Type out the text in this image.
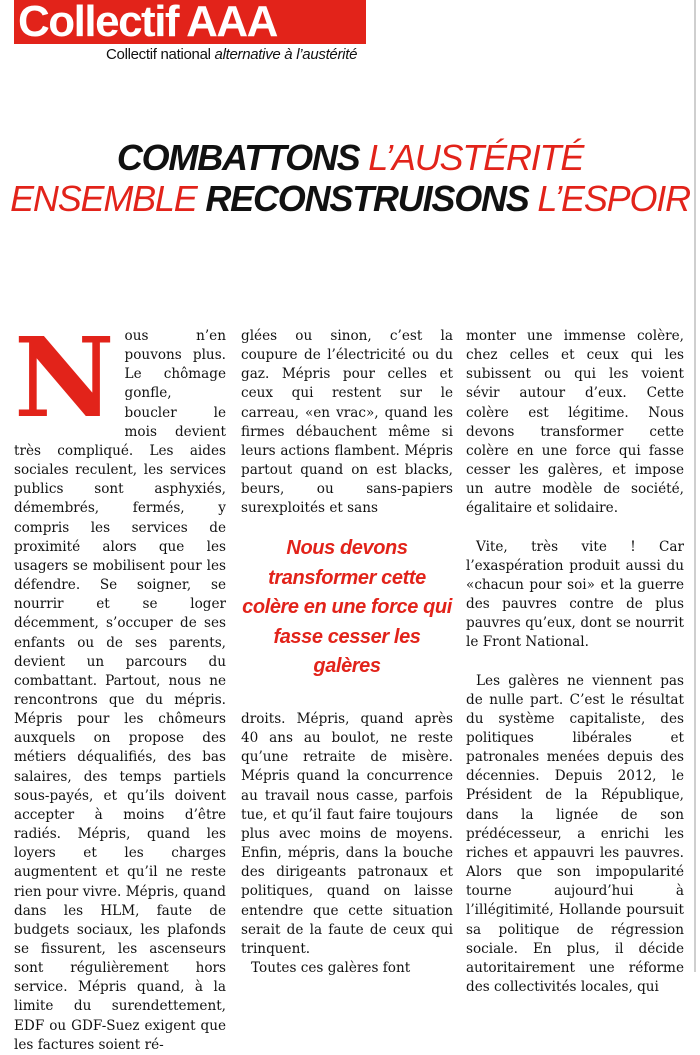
Collectif AAA
Collectif national alternative à l’austérité
COMBATTONS L’AUSTÉRITÉ
ENSEMBLE RECONSTRUISONS L’ESPOIR
N ous n’en pouvons plus. Le chômage gonfle, boucler le mois devient très compliqué. Les aides sociales reculent, les services publics sont asphyxiés, démembrés, fermés, y compris les services de proximité alors que les usagers se mobilisent pour les défendre. Se soigner, se nourrir et se loger décemment, s’occuper de ses enfants ou de ses parents, devient un parcours du combattant. Partout, nous ne rencontrons que du mépris. Mépris pour les chômeurs auxquels on propose des métiers déqualifiés, des bas salaires, des temps partiels sous-payés, et qu’ils doivent accepter à moins d’être radiés. Mépris, quand les loyers et les charges augmentent et qu’il ne reste rien pour vivre. Mépris, quand dans les HLM, faute de budgets sociaux, les plafonds se fissurent, les ascenseurs sont régulièrement hors service. Mépris quand, à la limite du surendettement, EDF ou GDF-Suez exigent que les factures soient ré-

glées ou sinon, c’est la coupure de l’électricité ou du gaz. Mépris pour celles et ceux qui restent sur le carreau, «en vrac», quand les firmes débauchent même si leurs actions flambent. Mépris partout quand on est blacks, beurs, ou sans-papiers surexploités et sans

Nous devons transformer cette colère en une force qui fasse cesser les galères

droits. Mépris, quand après 40 ans au boulot, ne reste qu’une retraite de misère. Mépris quand la concurrence au travail nous casse, parfois tue, et qu’il faut faire toujours plus avec moins de moyens. Enfin, mépris, dans la bouche des dirigeants patronaux et politiques, quand on laisse entendre que cette situation serait de la faute de ceux qui trinquent.

Toutes ces galères font

monter une immense colère, chez celles et ceux qui les subissent ou qui les voient sévir autour d’eux. Cette colère est légitime. Nous devons transformer cette colère en une force qui fasse cesser les galères, et impose un autre modèle de société, égalitaire et solidaire.

Vite, très vite ! Car l’exaspération produit aussi du «chacun pour soi» et la guerre des pauvres contre de plus pauvres qu’eux, dont se nourrit le Front National.

Les galères ne viennent pas de nulle part. C’est le résultat du système capitaliste, des politiques libérales et patronales menées depuis des décennies. Depuis 2012, le Président de la République, dans la lignée de son prédécesseur, a enrichi les riches et appauvri les pauvres. Alors que son impopularité tourne aujourd’hui à l’illégitimité, Hollande poursuit sa politique de régression sociale. En plus, il décide autoritairement une réforme des collectivités locales, qui
